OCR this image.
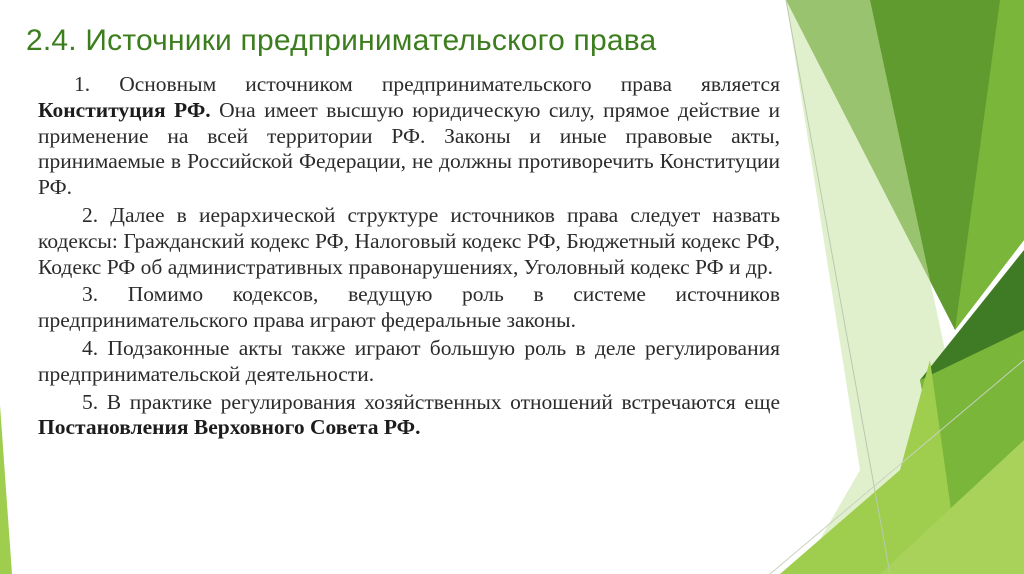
2.4. Источники предпринимательского права

1. Основным источником предпринимательского права является Конституция РФ. Она имеет высшую юридическую силу, прямое действие и применение на всей территории РФ. Законы и иные правовые акты, принимаемые в Российской Федерации, не должны противоречить Конституции РФ.

2. Далее в иерархической структуре источников права следует назвать кодексы: Гражданский кодекс РФ, Налоговый кодекс РФ, Бюджетный кодекс РФ, Кодекс РФ об административных правонарушениях, Уголовный кодекс РФ и др.

3. Помимо кодексов, ведущую роль в системе источников предпринимательского права играют федеральные законы.

4. Подзаконные акты также играют большую роль в деле регулирования предпринимательской деятельности.

5. В практике регулирования хозяйственных отношений встречаются еще Постановления Верховного Совета РФ.
